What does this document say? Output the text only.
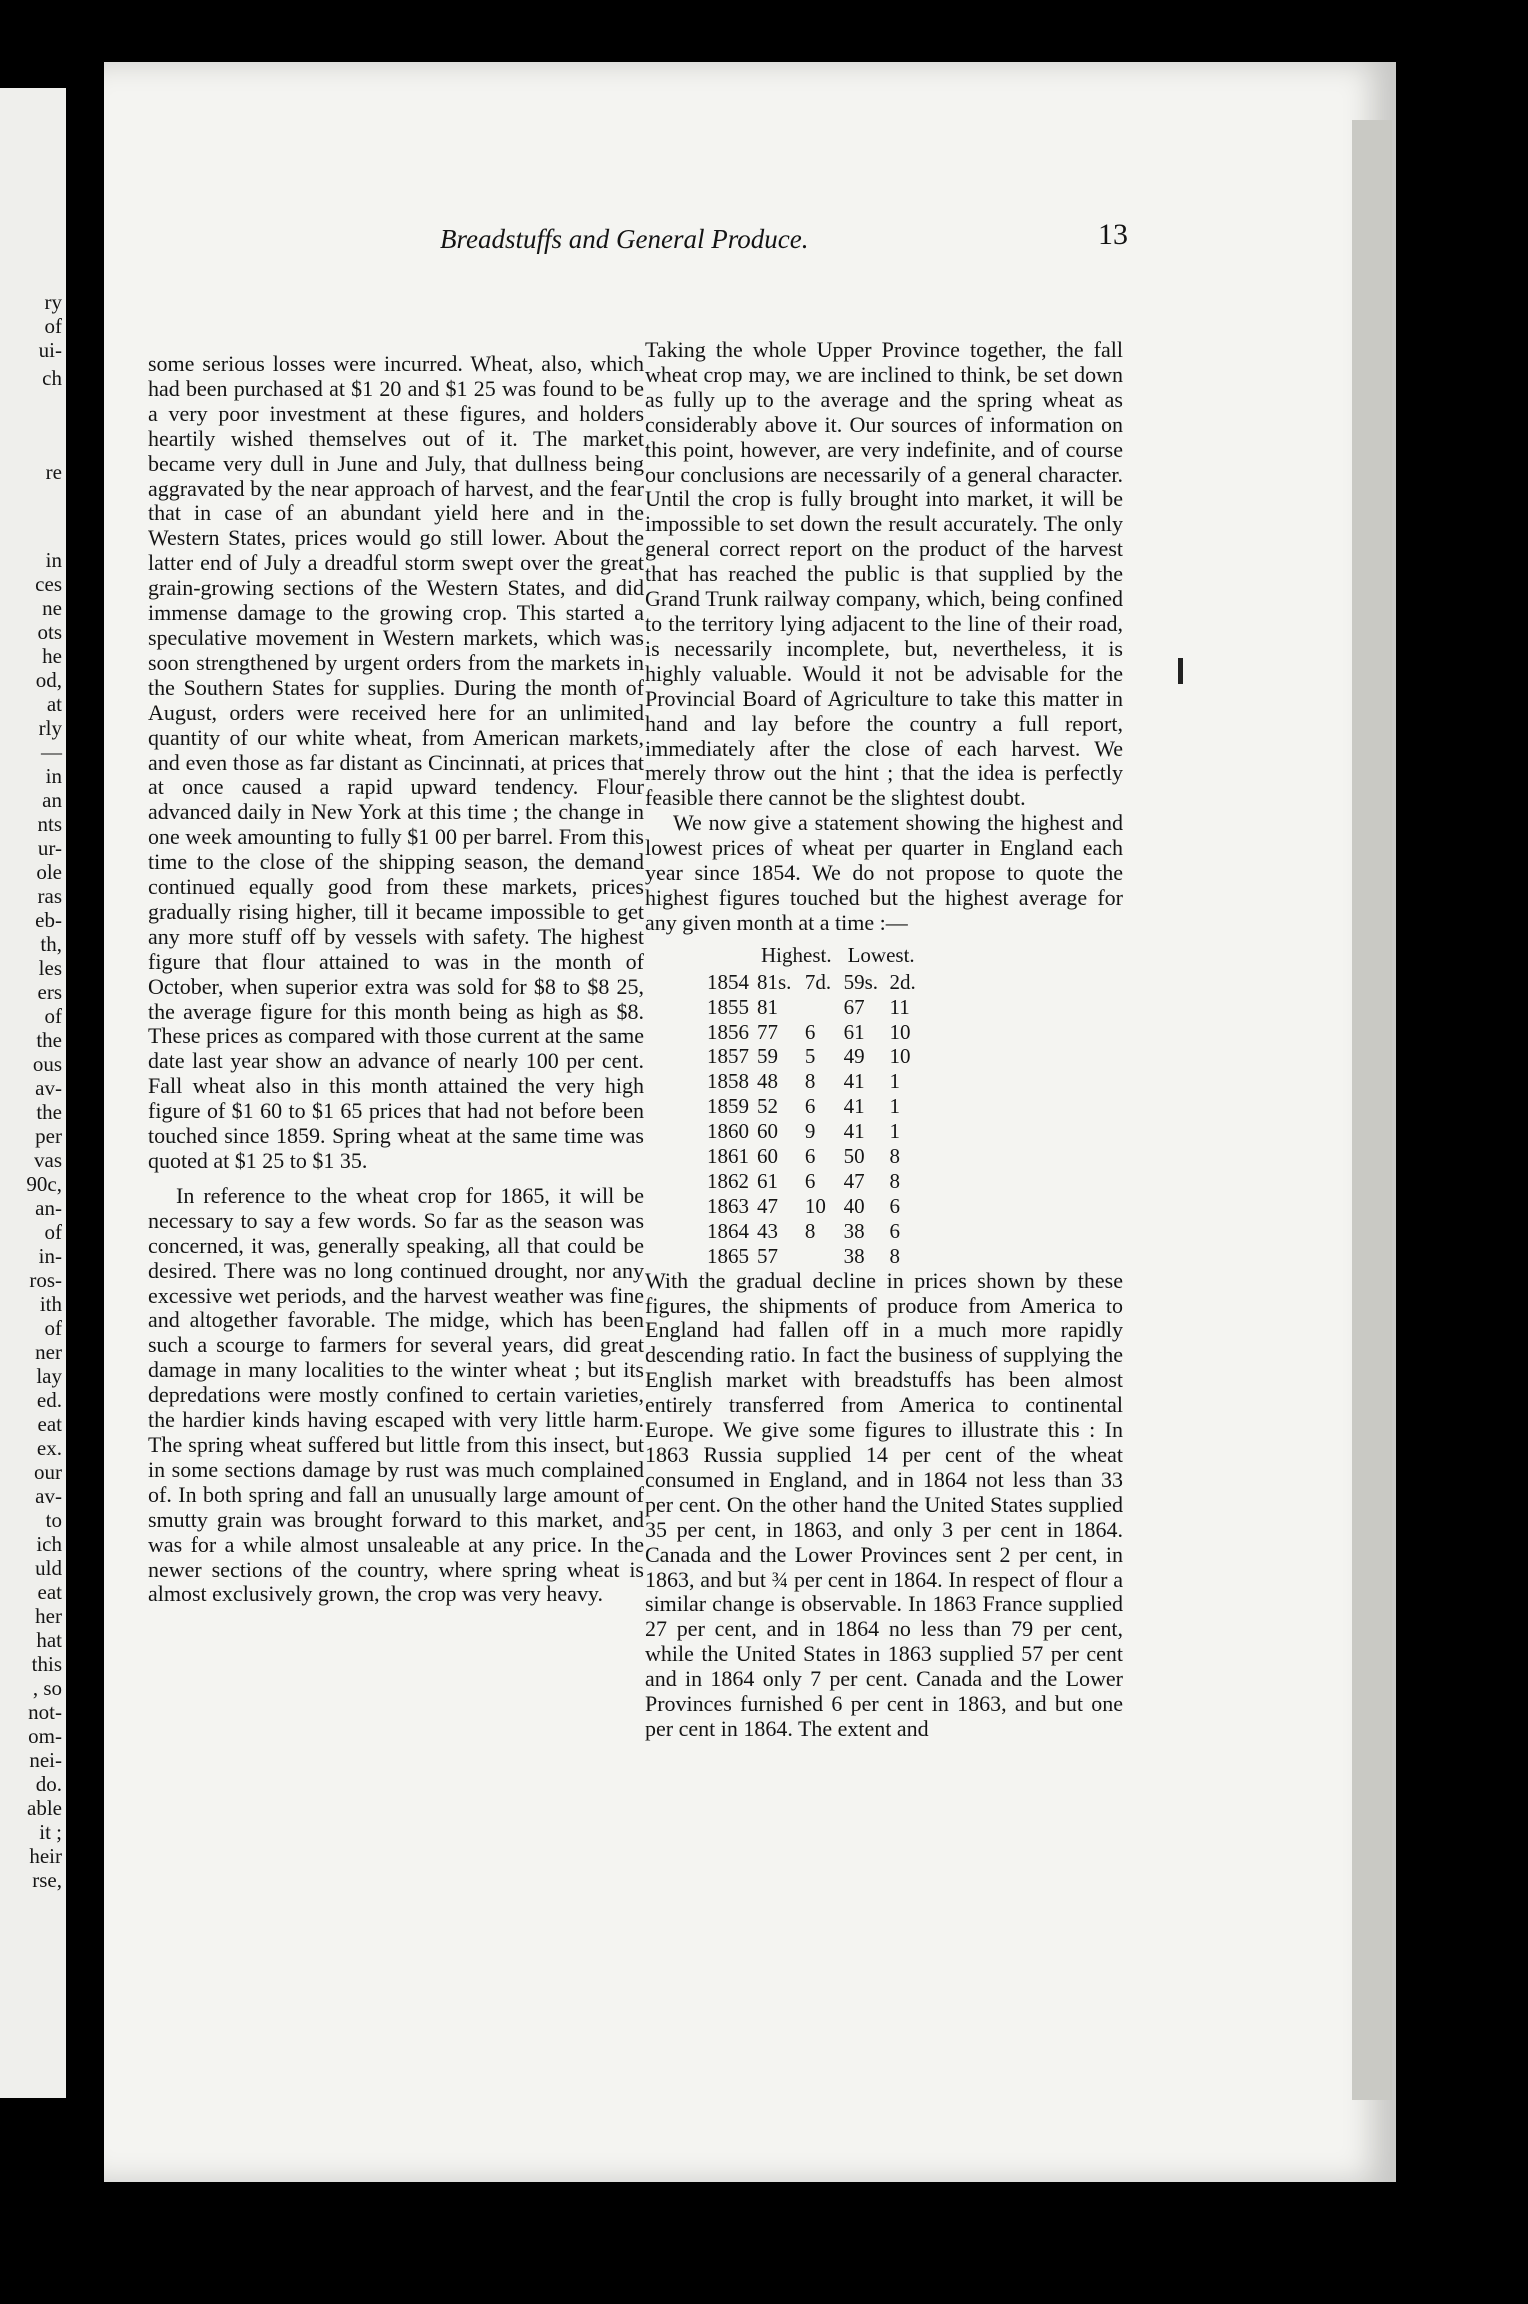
ry
of
ui-
ch
re
in
ces
ne
ots
he
od,
at
rly
—
in
an
nts
ur-
ole
ras
eb-
th,
les
ers
of
the
ous
av-
the
per
vas
90c,
an-
of
in-
ros-
ith
of
ner
lay
ed.
eat
ex.
our
av-
to
ich
uld
eat
her
hat
this
, so
not-
om-
nei-
do.
able
it ;
heir
rse,
Breadstuffs and General Produce.	13

some serious losses were incurred. Wheat, also, which had been purchased at $1 20 and $1 25 was found to be a very poor investment at these figures, and holders heartily wished themselves out of it. The market became very dull in June and July, that dullness being aggravated by the near approach of harvest, and the fear that in case of an abundant yield here and in the Western States, prices would go still lower. About the latter end of July a dreadful storm swept over the great grain-growing sections of the Western States, and did immense damage to the growing crop. This started a speculative movement in Western markets, which was soon strengthened by urgent orders from the markets in the Southern States for supplies. During the month of August, orders were received here for an unlimited quantity of our white wheat, from American markets, and even those as far distant as Cincinnati, at prices that at once caused a rapid upward tendency. Flour advanced daily in New York at this time ; the change in one week amounting to fully $1 00 per barrel. From this time to the close of the shipping season, the demand continued equally good from these markets, prices gradually rising higher, till it became impossible to get any more stuff off by vessels with safety. The highest figure that flour attained to was in the month of October, when superior extra was sold for $8 to $8 25, the average figure for this month being as high as $8. These prices as compared with those current at the same date last year show an advance of nearly 100 per cent. Fall wheat also in this month attained the very high figure of $1 60 to $1 65 prices that had not before been touched since 1859. Spring wheat at the same time was quoted at $1 25 to $1 35.

In reference to the wheat crop for 1865, it will be necessary to say a few words. So far as the season was concerned, it was, generally speaking, all that could be desired. There was no long continued drought, nor any excessive wet periods, and the harvest weather was fine and altogether favorable. The midge, which has been such a scourge to farmers for several years, did great damage in many localities to the winter wheat ; but its depredations were mostly confined to certain varieties, the hardier kinds having escaped with very little harm. The spring wheat suffered but little from this insect, but in some sections damage by rust was much complained of. In both spring and fall an unusually large amount of smutty grain was brought forward to this market, and was for a while almost unsaleable at any price. In the newer sections of the country, where spring wheat is almost exclusively grown, the crop was very heavy.

Taking the whole Upper Province together, the fall wheat crop may, we are inclined to think, be set down as fully up to the average and the spring wheat as considerably above it. Our sources of information on this point, however, are very indefinite, and of course our conclusions are necessarily of a general character. Until the crop is fully brought into market, it will be impossible to set down the result accurately. The only general correct report on the product of the harvest that has reached the public is that supplied by the Grand Trunk railway company, which, being confined to the territory lying adjacent to the line of their road, is necessarily incomplete, but, nevertheless, it is highly valuable. Would it not be advisable for the Provincial Board of Agriculture to take this matter in hand and lay before the country a full report, immediately after the close of each harvest. We merely throw out the hint ; that the idea is perfectly feasible there cannot be the slightest doubt.

We now give a statement showing the highest and lowest prices of wheat per quarter in England each year since 1854. We do not propose to quote the highest figures touched but the highest average for any given month at a time :—

	Highest.		Lowest.	
1854	81s.	7d.	59s.	2d.
1855	81		67	11
1856	77	6	61	10
1857	59	5	49	10
1858	48	8	41	1
1859	52	6	41	1
1860	60	9	41	1
1861	60	6	50	8
1862	61	6	47	8
1863	47	10	40	6
1864	43	8	38	6
1865	57		38	8

With the gradual decline in prices shown by these figures, the shipments of produce from America to England had fallen off in a much more rapidly descending ratio. In fact the business of supplying the English market with breadstuffs has been almost entirely transferred from America to continental Europe. We give some figures to illustrate this : In 1863 Russia supplied 14 per cent of the wheat consumed in England, and in 1864 not less than 33 per cent. On the other hand the United States supplied 35 per cent, in 1863, and only 3 per cent in 1864. Canada and the Lower Provinces sent 2 per cent, in 1863, and but ¾ per cent in 1864. In respect of flour a similar change is observable. In 1863 France supplied 27 per cent, and in 1864 no less than 79 per cent, while the United States in 1863 supplied 57 per cent and in 1864 only 7 per cent. Canada and the Lower Provinces furnished 6 per cent in 1863, and but one per cent in 1864. The extent and
